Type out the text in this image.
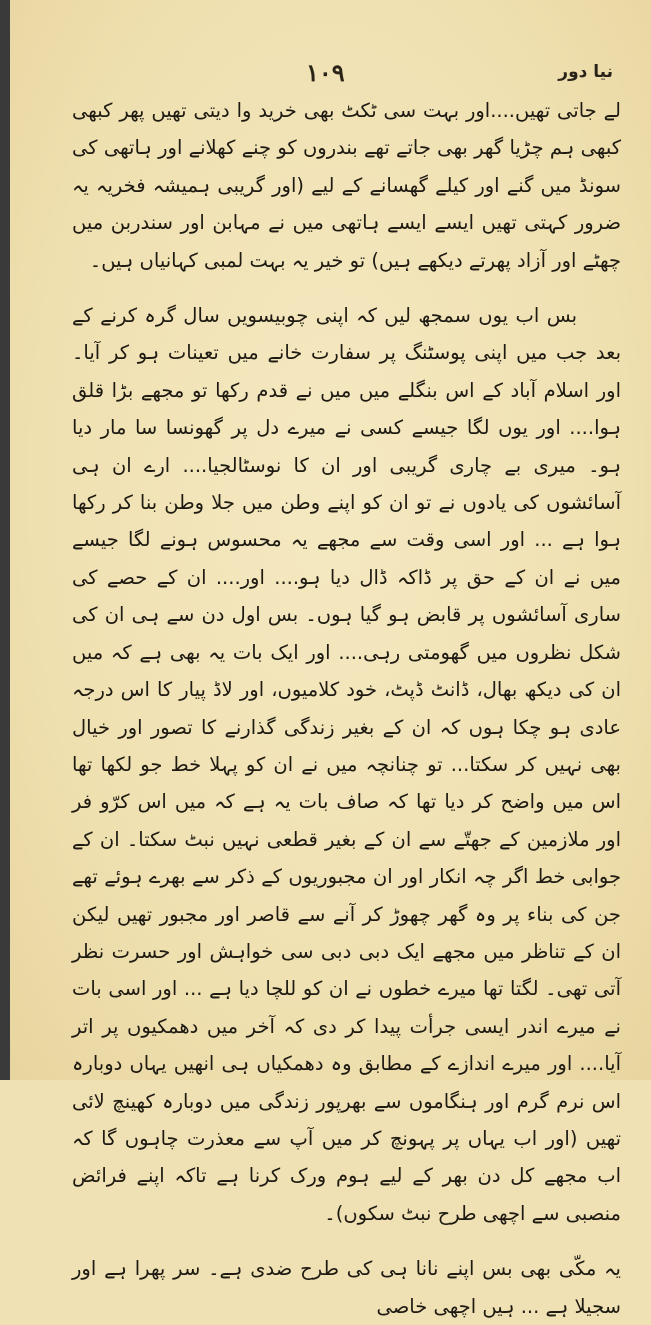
۱۰۹	نیا دور

لے جاتی تھیں....اور بہت سی ٹکٹ بھی خرید وا دیتی تھیں پھر کبھی کبھی ہم چڑیا گھر بھی جاتے تھے بندروں کو چنے کھلانے اور ہاتھی کی سونڈ میں گنے اور کیلے گھسانے کے لیے (اور گریبی ہمیشہ فخریہ یہ ضرور کہتی تھیں ایسے ایسے ہاتھی میں نے مہابن اور سندربن میں چھٹے اور آزاد پھرتے دیکھے ہیں) تو خیر یہ بہت لمبی کہانیاں ہیں۔

بس اب یوں سمجھ لیں کہ اپنی چوبیسویں سال گرہ کرنے کے بعد جب میں اپنی پوسٹنگ پر سفارت خانے میں تعینات ہو کر آیا۔ اور اسلام آباد کے اس بنگلے میں میں نے قدم رکھا تو مجھے بڑا قلق ہوا.... اور یوں لگا جیسے کسی نے میرے دل پر گھونسا سا مار دیا ہو۔ میری بے چاری گریبی اور ان کا نوسٹالجیا.... ارے ان ہی آسائشوں کی یادوں نے تو ان کو اپنے وطن میں جلا وطن بنا کر رکھا ہوا ہے ... اور اسی وقت سے مجھے یہ محسوس ہونے لگا جیسے میں نے ان کے حق پر ڈاکہ ڈال دیا ہو.... اور.... ان کے حصے کی ساری آسائشوں پر قابض ہو گیا ہوں۔ بس اول دن سے ہی ان کی شکل نظروں میں گھومتی رہی.... اور ایک بات یہ بھی ہے کہ میں ان کی دیکھ بھال، ڈانٹ ڈپٹ، خود کلامیوں، اور لاڈ پیار کا اس درجہ عادی ہو چکا ہوں کہ ان کے بغیر زندگی گذارنے کا تصور اور خیال بھی نہیں کر سکتا... تو چنانچہ میں نے ان کو پہلا خط جو لکھا تھا اس میں واضح کر دیا تھا کہ صاف بات یہ ہے کہ میں اس کرّو فر اور ملازمین کے جھتّے سے ان کے بغیر قطعی نہیں نبٹ سکتا۔ ان کے جوابی خط اگر چہ انکار اور ان مجبوریوں کے ذکر سے بھرے ہوئے تھے جن کی بناء پر وہ گھر چھوڑ کر آنے سے قاصر اور مجبور تھیں لیکن ان کے تناظر میں مجھے ایک دبی دبی سی خواہش اور حسرت نظر آتی تھی۔ لگتا تھا میرے خطوں نے ان کو للچا دیا ہے ... اور اسی بات نے میرے اندر ایسی جرأت پیدا کر دی کہ آخر میں دھمکیوں پر اتر آیا.... اور میرے اندازے کے مطابق وہ دھمکیاں ہی انھیں یہاں دوبارہ اس نرم گرم اور ہنگاموں سے بھرپور زندگی میں دوبارہ کھینچ لائی تھیں (اور اب یہاں پر پہونچ کر میں آپ سے معذرت چاہوں گا کہ اب مجھے کل دن بھر کے لیے ہوم ورک کرنا ہے تاکہ اپنے فرائض منصبی سے اچھی طرح نبٹ سکوں)۔

یہ مکّی بھی بس اپنے نانا ہی کی طرح ضدی ہے۔ سر پھرا ہے اور سجیلا ہے ... ہیں اچھی خاصی
